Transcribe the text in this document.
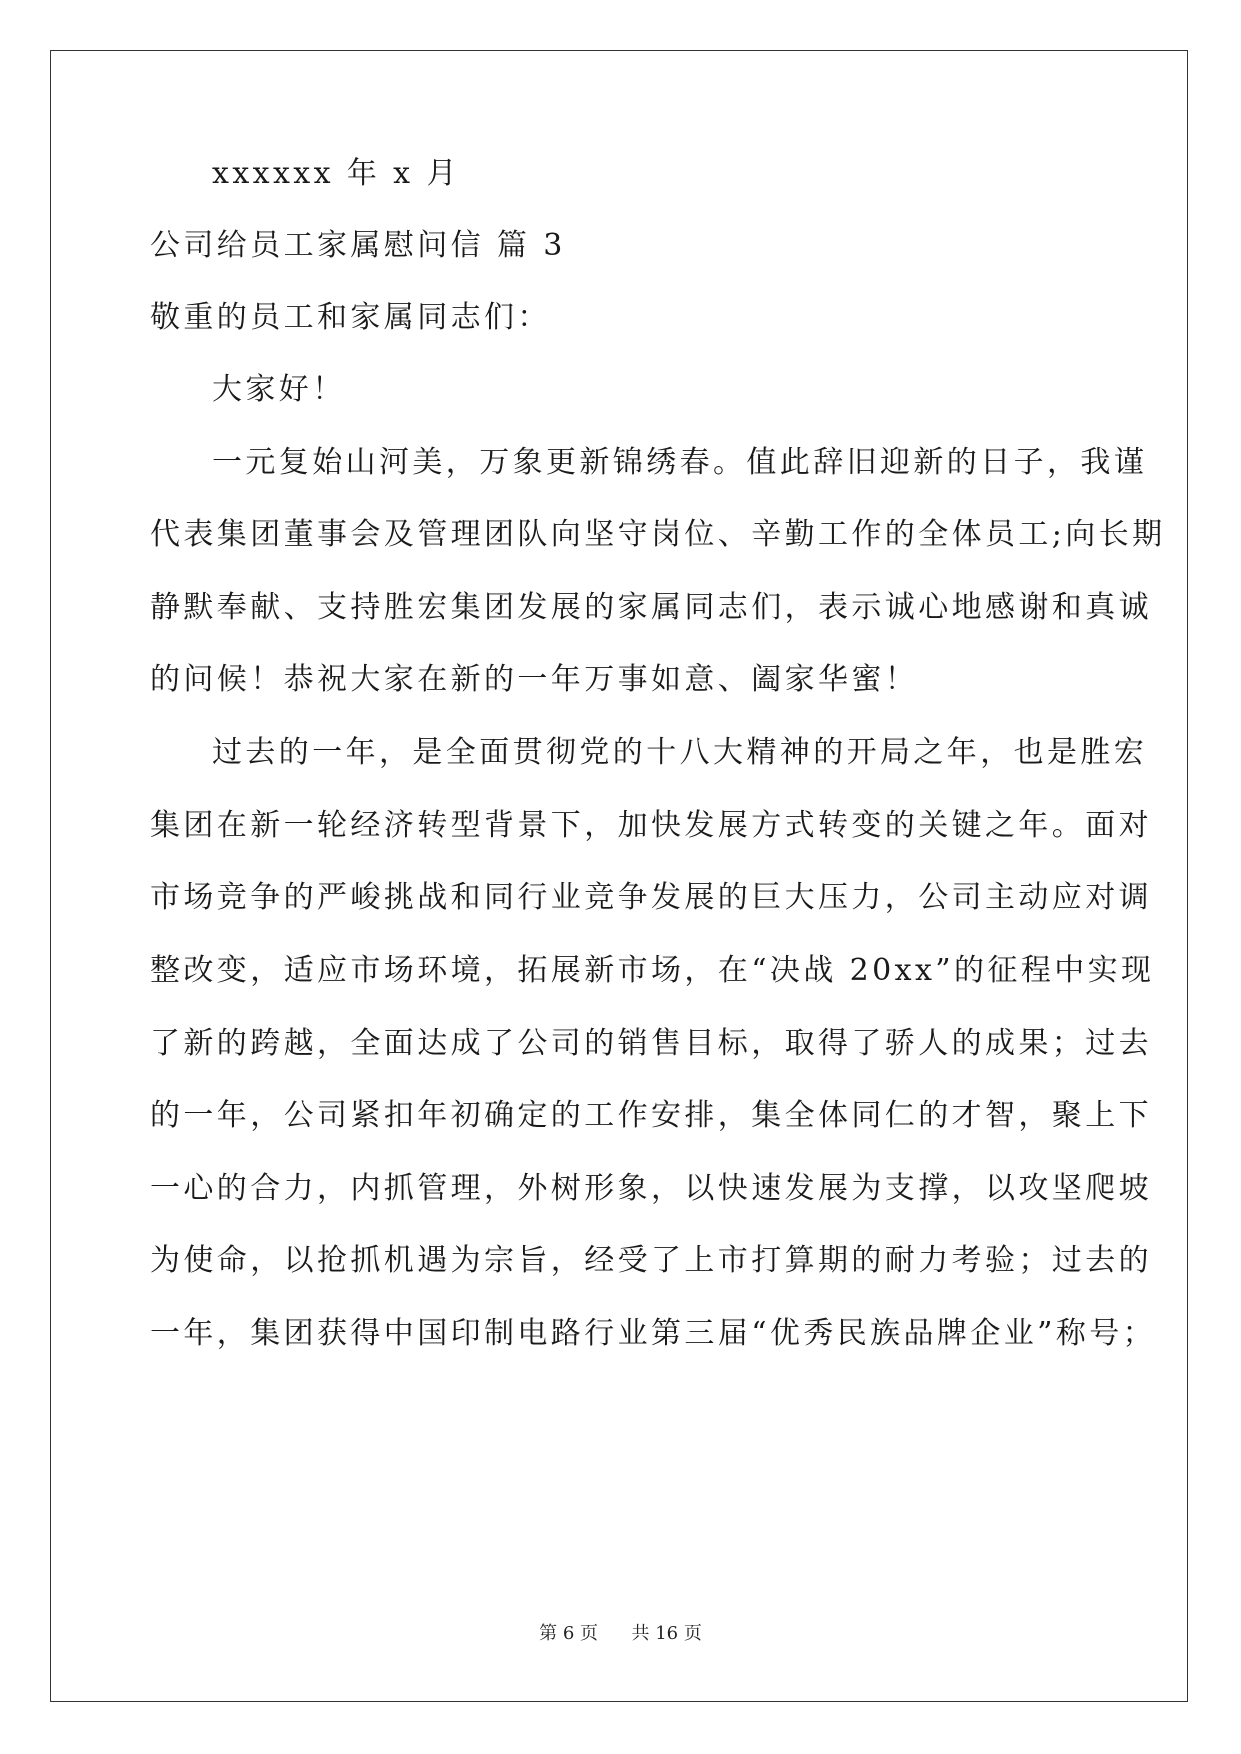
xxxxxx 年 x 月
公司给员工家属慰问信 篇 3
敬重的员工和家属同志们：
大家好！
一元复始山河美，万象更新锦绣春。值此辞旧迎新的日子，我谨
代表集团董事会及管理团队向坚守岗位、辛勤工作的全体员工;向长期
静默奉献、支持胜宏集团发展的家属同志们，表示诚心地感谢和真诚
的问候！恭祝大家在新的一年万事如意、阖家华蜜！
过去的一年，是全面贯彻党的十八大精神的开局之年，也是胜宏
集团在新一轮经济转型背景下，加快发展方式转变的关键之年。面对
市场竞争的严峻挑战和同行业竞争发展的巨大压力，公司主动应对调
整改变，适应市场环境，拓展新市场，在“决战 20xx”的征程中实现
了新的跨越，全面达成了公司的销售目标，取得了骄人的成果；过去
的一年，公司紧扣年初确定的工作安排，集全体同仁的才智，聚上下
一心的合力，内抓管理，外树形象，以快速发展为支撑，以攻坚爬坡
为使命，以抢抓机遇为宗旨，经受了上市打算期的耐力考验；过去的
一年，集团获得中国印制电路行业第三届“优秀民族品牌企业”称号；
第 6 页 共 16 页
